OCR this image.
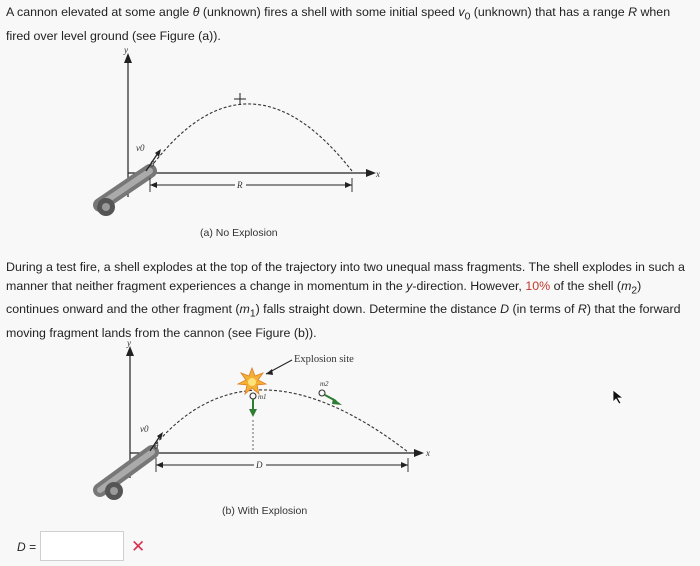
A cannon elevated at some angle θ (unknown) fires a shell with some initial speed $v_0$ (unknown) that has a range R when fired over level ground (see Figure (a)).

y
x
v0
θ
R
(a) No Explosion

During a test fire, a shell explodes at the top of the trajectory into two unequal mass fragments. The shell explodes in such a manner that neither fragment experiences a change in momentum in the y-direction. However, 10% of the shell $(m_2)$ continues onward and the other fragment $(m_1)$ falls straight down. Determine the distance D (in terms of R) that the forward moving fragment lands from the cannon (see Figure (b)).

y
x
v0
θ
Explosion site
m1
m2
D
(b) With Explosion
D =	✕
